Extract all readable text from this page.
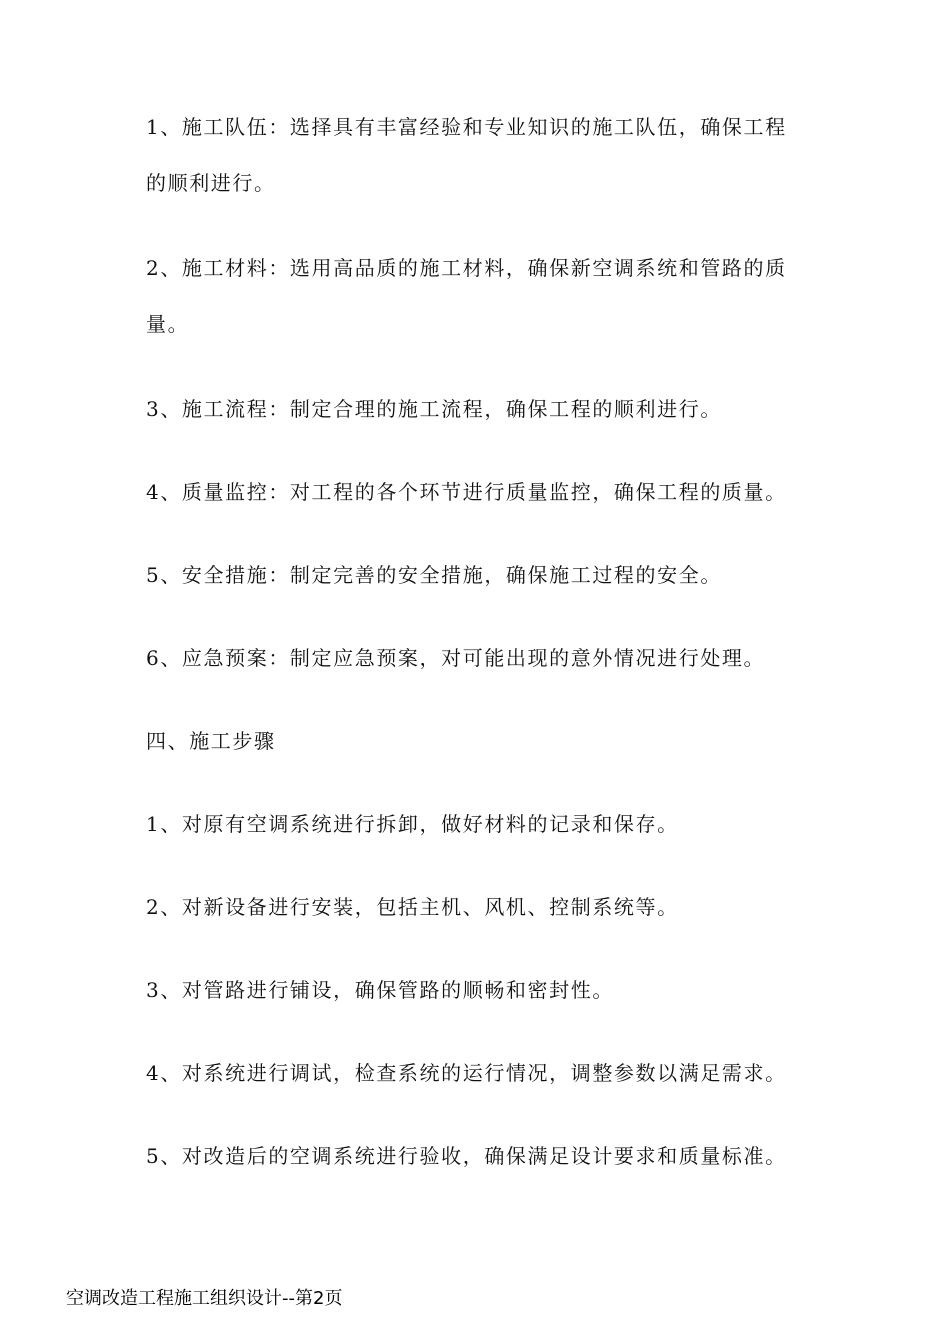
1、施工队伍：选择具有丰富经验和专业知识的施工队伍，确保工程的顺利进行。
2、施工材料：选用高品质的施工材料，确保新空调系统和管路的质量。
3、施工流程：制定合理的施工流程，确保工程的顺利进行。
4、质量监控：对工程的各个环节进行质量监控，确保工程的质量。
5、安全措施：制定完善的安全措施，确保施工过程的安全。
6、应急预案：制定应急预案，对可能出现的意外情况进行处理。
四、施工步骤
1、对原有空调系统进行拆卸，做好材料的记录和保存。
2、对新设备进行安装，包括主机、风机、控制系统等。
3、对管路进行铺设，确保管路的顺畅和密封性。
4、对系统进行调试，检查系统的运行情况，调整参数以满足需求。
5、对改造后的空调系统进行验收，确保满足设计要求和质量标准。
空调改造工程施工组织设计--第2页
